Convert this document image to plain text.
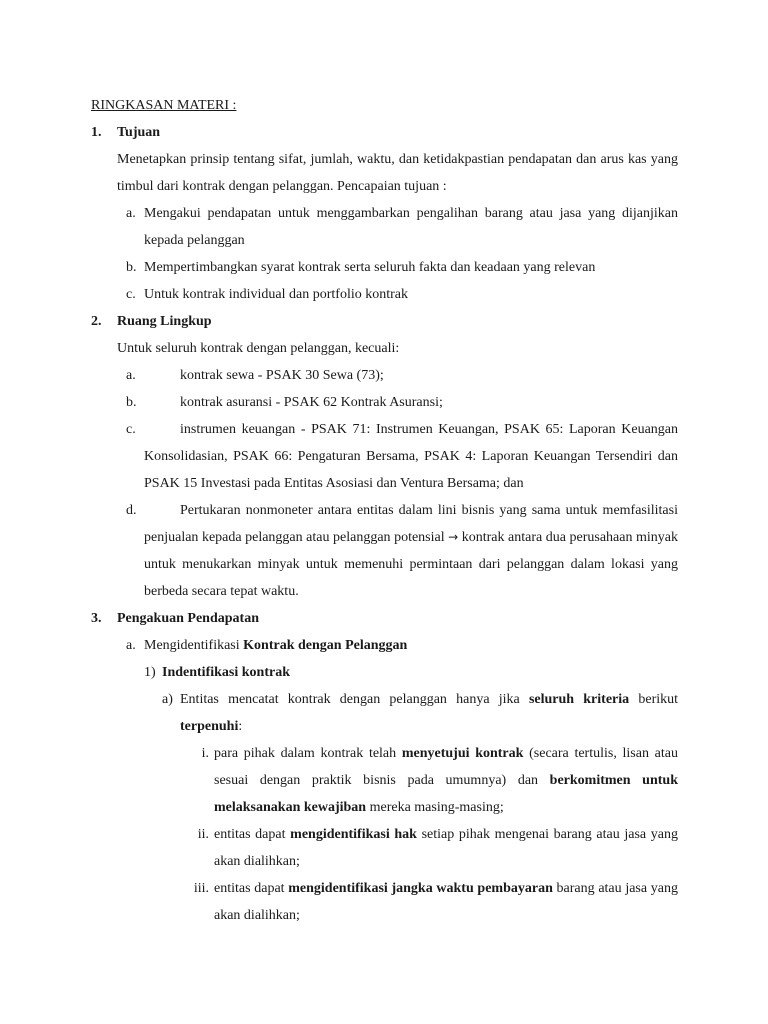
RINGKASAN MATERI :
1. Tujuan
Menetapkan prinsip tentang sifat, jumlah, waktu, dan ketidakpastian pendapatan dan arus kas yang timbul dari kontrak dengan pelanggan. Pencapaian tujuan :
a. Mengakui pendapatan untuk menggambarkan pengalihan barang atau jasa yang dijanjikan kepada pelanggan
b. Mempertimbangkan syarat kontrak serta seluruh fakta dan keadaan yang relevan
c. Untuk kontrak individual dan portfolio kontrak
2. Ruang Lingkup
Untuk seluruh kontrak dengan pelanggan, kecuali:
a.	kontrak sewa - PSAK 30 Sewa (73);
b.	kontrak asuransi - PSAK 62 Kontrak Asuransi;
c.	instrumen keuangan - PSAK 71: Instrumen Keuangan, PSAK 65: Laporan Keuangan Konsolidasian, PSAK 66: Pengaturan Bersama, PSAK 4: Laporan Keuangan Tersendiri dan PSAK 15 Investasi pada Entitas Asosiasi dan Ventura Bersama; dan
d.	Pertukaran nonmoneter antara entitas dalam lini bisnis yang sama untuk memfasilitasi penjualan kepada pelanggan atau pelanggan potensial → kontrak antara dua perusahaan minyak untuk menukarkan minyak untuk memenuhi permintaan dari pelanggan dalam lokasi yang berbeda secara tepat waktu.
3. Pengakuan Pendapatan
a. Mengidentifikasi Kontrak dengan Pelanggan
1) Indentifikasi kontrak
a) Entitas mencatat kontrak dengan pelanggan hanya jika seluruh kriteria berikut terpenuhi:
i. para pihak dalam kontrak telah menyetujui kontrak (secara tertulis, lisan atau sesuai dengan praktik bisnis pada umumnya) dan berkomitmen untuk melaksanakan kewajiban mereka masing-masing;
ii. entitas dapat mengidentifikasi hak setiap pihak mengenai barang atau jasa yang akan dialihkan;
iii. entitas dapat mengidentifikasi jangka waktu pembayaran barang atau jasa yang akan dialihkan;
